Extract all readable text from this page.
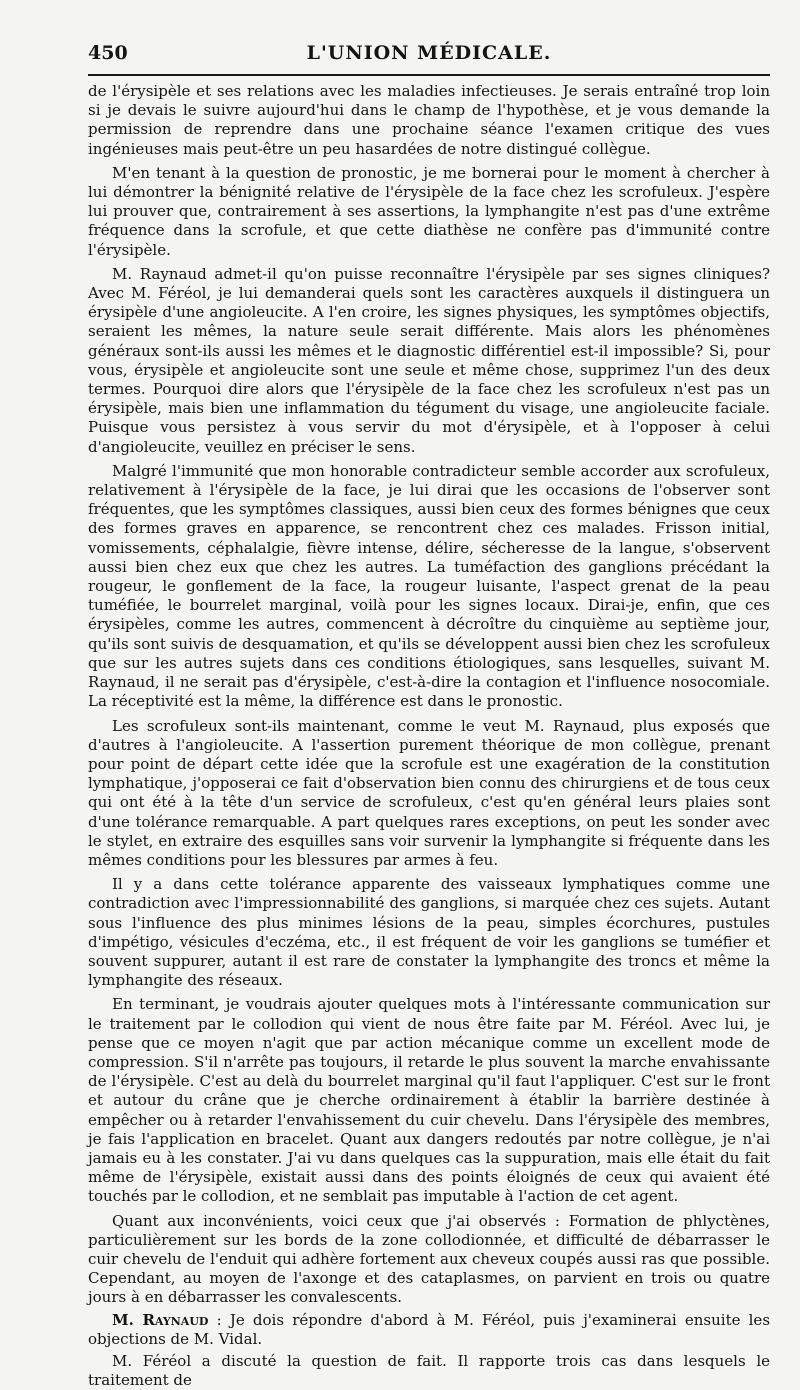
450	L'UNION MÉDICALE.

de l'érysipèle et ses relations avec les maladies infectieuses. Je serais entraîné trop loin si je devais le suivre aujourd'hui dans le champ de l'hypothèse, et je vous demande la permission de reprendre dans une prochaine séance l'examen critique des vues ingénieuses mais peut-être un peu hasardées de notre distingué collègue.

M'en tenant à la question de pronostic, je me bornerai pour le moment à chercher à lui démontrer la bénignité relative de l'érysipèle de la face chez les scrofuleux. J'espère lui prouver que, contrairement à ses assertions, la lymphangite n'est pas d'une extrême fréquence dans la scrofule, et que cette diathèse ne confère pas d'immunité contre l'érysipèle.

M. Raynaud admet-il qu'on puisse reconnaître l'érysipèle par ses signes cliniques? Avec M. Féréol, je lui demanderai quels sont les caractères auxquels il distinguera un érysipèle d'une angioleucite. A l'en croire, les signes physiques, les symptômes objectifs, seraient les mêmes, la nature seule serait différente. Mais alors les phénomènes généraux sont-ils aussi les mêmes et le diagnostic différentiel est-il impossible? Si, pour vous, érysipèle et angioleucite sont une seule et même chose, supprimez l'un des deux termes. Pourquoi dire alors que l'érysipèle de la face chez les scrofuleux n'est pas un érysipèle, mais bien une inflammation du tégument du visage, une angioleucite faciale. Puisque vous persistez à vous servir du mot d'érysipèle, et à l'opposer à celui d'angioleucite, veuillez en préciser le sens.

Malgré l'immunité que mon honorable contradicteur semble accorder aux scrofuleux, relativement à l'érysipèle de la face, je lui dirai que les occasions de l'observer sont fréquentes, que les symptômes classiques, aussi bien ceux des formes bénignes que ceux des formes graves en apparence, se rencontrent chez ces malades. Frisson initial, vomissements, céphalalgie, fièvre intense, délire, sécheresse de la langue, s'observent aussi bien chez eux que chez les autres. La tuméfaction des ganglions précédant la rougeur, le gonflement de la face, la rougeur luisante, l'aspect grenat de la peau tuméfiée, le bourrelet marginal, voilà pour les signes locaux. Dirai-je, enfin, que ces érysipèles, comme les autres, commencent à décroître du cinquième au septième jour, qu'ils sont suivis de desquamation, et qu'ils se développent aussi bien chez les scrofuleux que sur les autres sujets dans ces conditions étiologiques, sans lesquelles, suivant M. Raynaud, il ne serait pas d'érysipèle, c'est-à-dire la contagion et l'influence nosocomiale. La réceptivité est la même, la différence est dans le pronostic.

Les scrofuleux sont-ils maintenant, comme le veut M. Raynaud, plus exposés que d'autres à l'angioleucite. A l'assertion purement théorique de mon collègue, prenant pour point de départ cette idée que la scrofule est une exagération de la constitution lymphatique, j'opposerai ce fait d'observation bien connu des chirurgiens et de tous ceux qui ont été à la tête d'un service de scrofuleux, c'est qu'en général leurs plaies sont d'une tolérance remarquable. A part quelques rares exceptions, on peut les sonder avec le stylet, en extraire des esquilles sans voir survenir la lymphangite si fréquente dans les mêmes conditions pour les blessures par armes à feu.

Il y a dans cette tolérance apparente des vaisseaux lymphatiques comme une contradiction avec l'impressionnabilité des ganglions, si marquée chez ces sujets. Autant sous l'influence des plus minimes lésions de la peau, simples écorchures, pustules d'impétigo, vésicules d'eczéma, etc., il est fréquent de voir les ganglions se tuméfier et souvent suppurer, autant il est rare de constater la lymphangite des troncs et même la lymphangite des réseaux.

En terminant, je voudrais ajouter quelques mots à l'intéressante communication sur le traitement par le collodion qui vient de nous être faite par M. Féréol. Avec lui, je pense que ce moyen n'agit que par action mécanique comme un excellent mode de compression. S'il n'arrête pas toujours, il retarde le plus souvent la marche envahissante de l'érysipèle. C'est au delà du bourrelet marginal qu'il faut l'appliquer. C'est sur le front et autour du crâne que je cherche ordinairement à établir la barrière destinée à empêcher ou à retarder l'envahissement du cuir chevelu. Dans l'érysipèle des membres, je fais l'application en bracelet. Quant aux dangers redoutés par notre collègue, je n'ai jamais eu à les constater. J'ai vu dans quelques cas la suppuration, mais elle était du fait même de l'érysipèle, existait aussi dans des points éloignés de ceux qui avaient été touchés par le collodion, et ne semblait pas imputable à l'action de cet agent.

Quant aux inconvénients, voici ceux que j'ai observés : Formation de phlyctènes, particulièrement sur les bords de la zone collodionnée, et difficulté de débarrasser le cuir chevelu de l'enduit qui adhère fortement aux cheveux coupés aussi ras que possible. Cependant, au moyen de l'axonge et des cataplasmes, on parvient en trois ou quatre jours à en débarrasser les convalescents.

M. Raynaud : Je dois répondre d'abord à M. Féréol, puis j'examinerai ensuite les objections de M. Vidal.

M. Féréol a discuté la question de fait. Il rapporte trois cas dans lesquels le traitement de
